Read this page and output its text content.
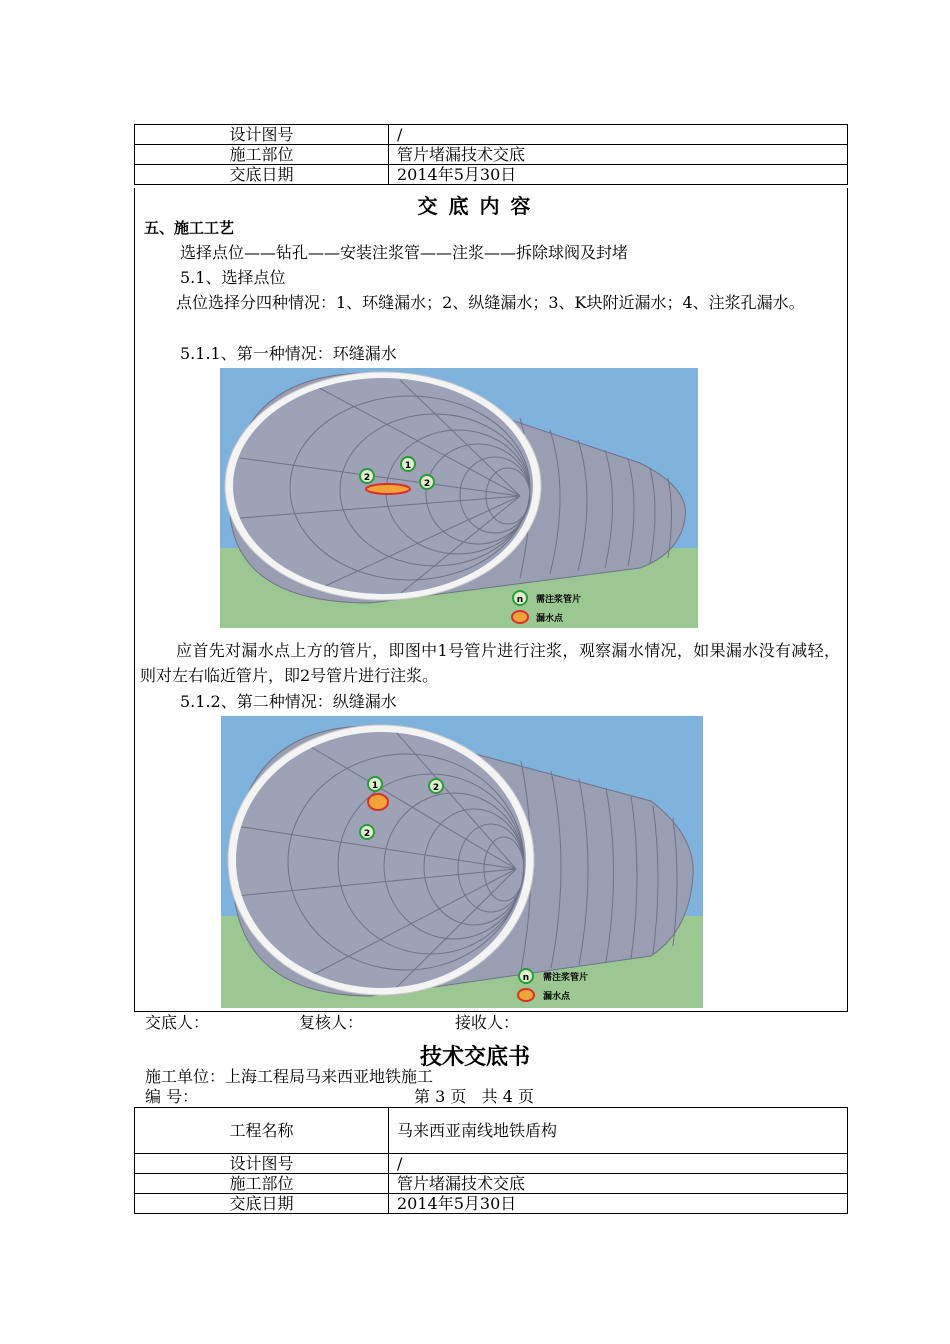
设计图号	/
施工部位	管片堵漏技术交底
交底日期	2014年5月30日
交 底 内 容
五、施工工艺
选择点位——钻孔——安装注浆管——注浆——拆除球阀及封堵
5.1、选择点位
点位选择分四种情况：1、环缝漏水；2、纵缝漏水；3、K块附近漏水；4、注浆孔漏水。
5.1.1、第一种情况：环缝漏水
2
1
2
n 需注浆管片
漏水点
应首先对漏水点上方的管片，即图中1号管片进行注浆，观察漏水情况，如果漏水没有减轻，则对左右临近管片，即2号管片进行注浆。
5.1.2、第二种情况：纵缝漏水
1	2
2
n 需注浆管片
漏水点
交底人：	复核人：	接收人：
技术交底书
施工单位：上海工程局马来西亚地铁施工
编 号：	第 3 页   共 4 页
工程名称	马来西亚南线地铁盾构
设计图号	/
施工部位	管片堵漏技术交底
交底日期	2014年5月30日
